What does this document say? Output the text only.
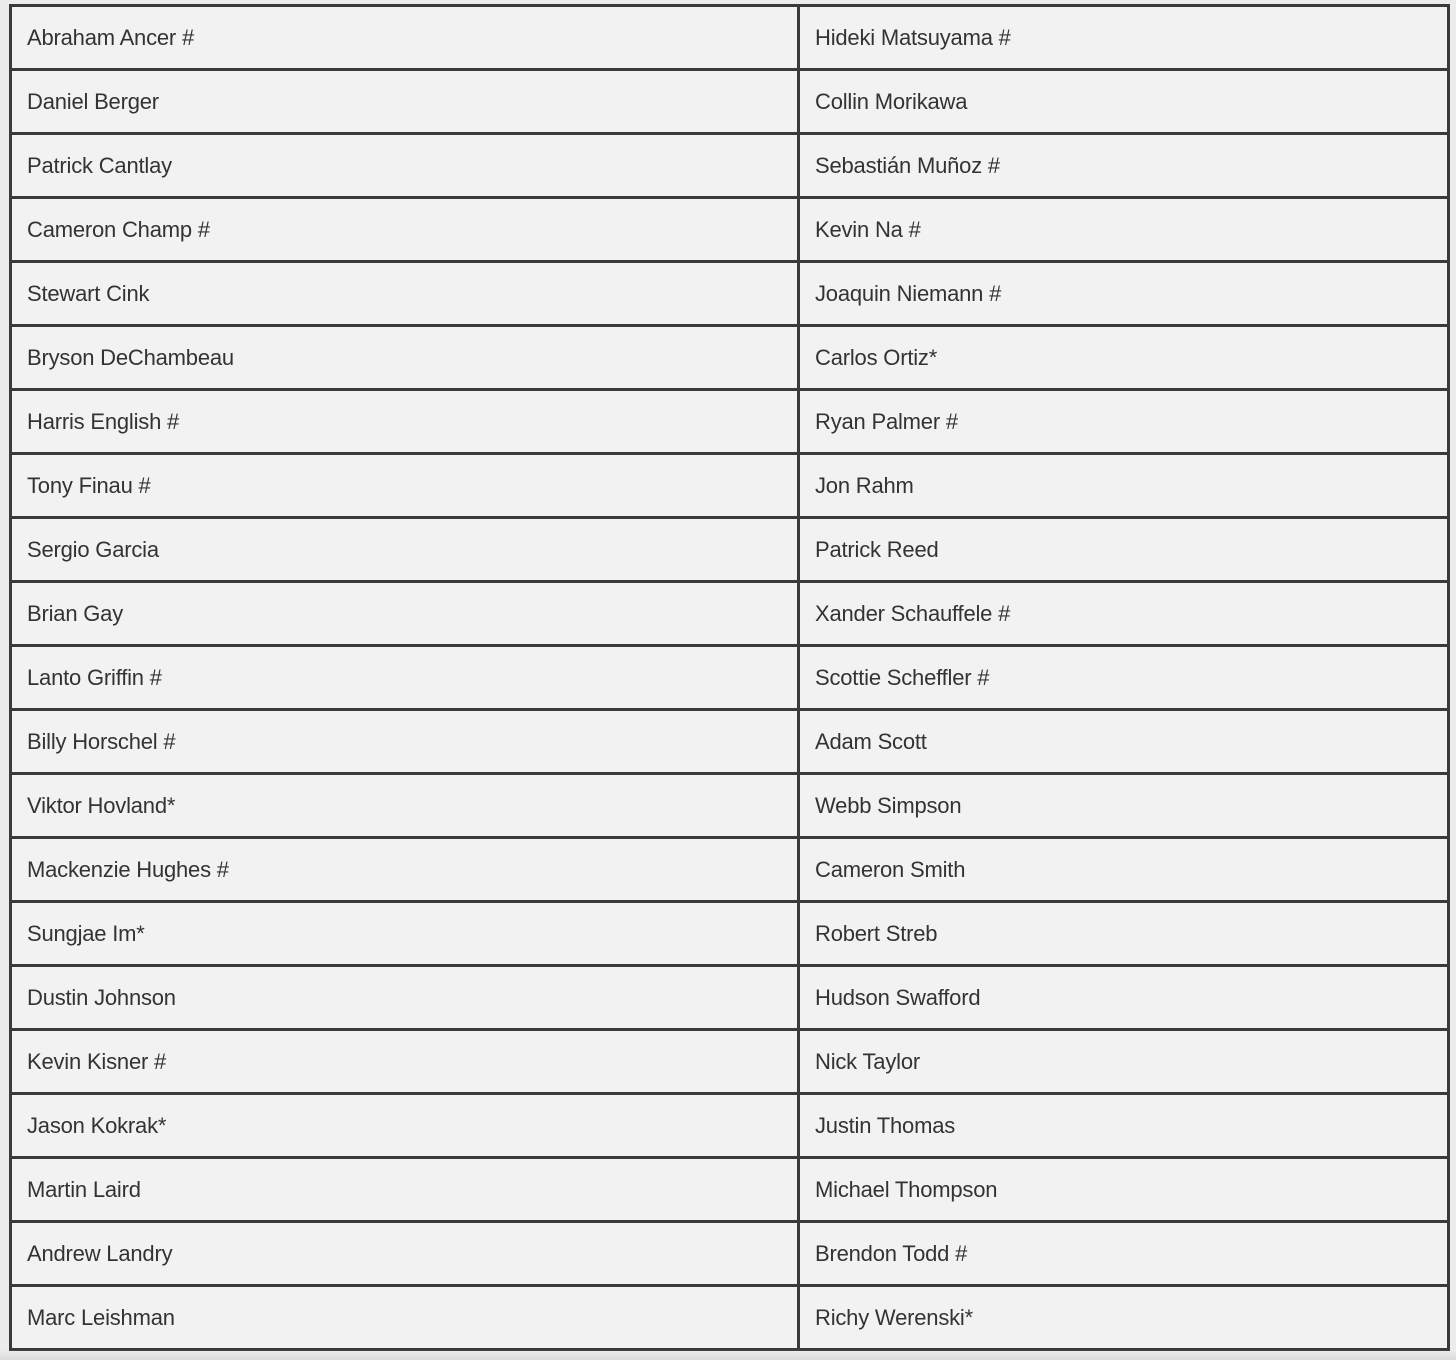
Abraham Ancer #	Hideki Matsuyama #
Daniel Berger	Collin Morikawa
Patrick Cantlay	Sebastián Muñoz #
Cameron Champ #	Kevin Na #
Stewart Cink	Joaquin Niemann #
Bryson DeChambeau	Carlos Ortiz*
Harris English #	Ryan Palmer #
Tony Finau #	Jon Rahm
Sergio Garcia	Patrick Reed
Brian Gay	Xander Schauffele #
Lanto Griffin #	Scottie Scheffler #
Billy Horschel #	Adam Scott
Viktor Hovland*	Webb Simpson
Mackenzie Hughes #	Cameron Smith
Sungjae Im*	Robert Streb
Dustin Johnson	Hudson Swafford
Kevin Kisner #	Nick Taylor
Jason Kokrak*	Justin Thomas
Martin Laird	Michael Thompson
Andrew Landry	Brendon Todd #
Marc Leishman	Richy Werenski*
